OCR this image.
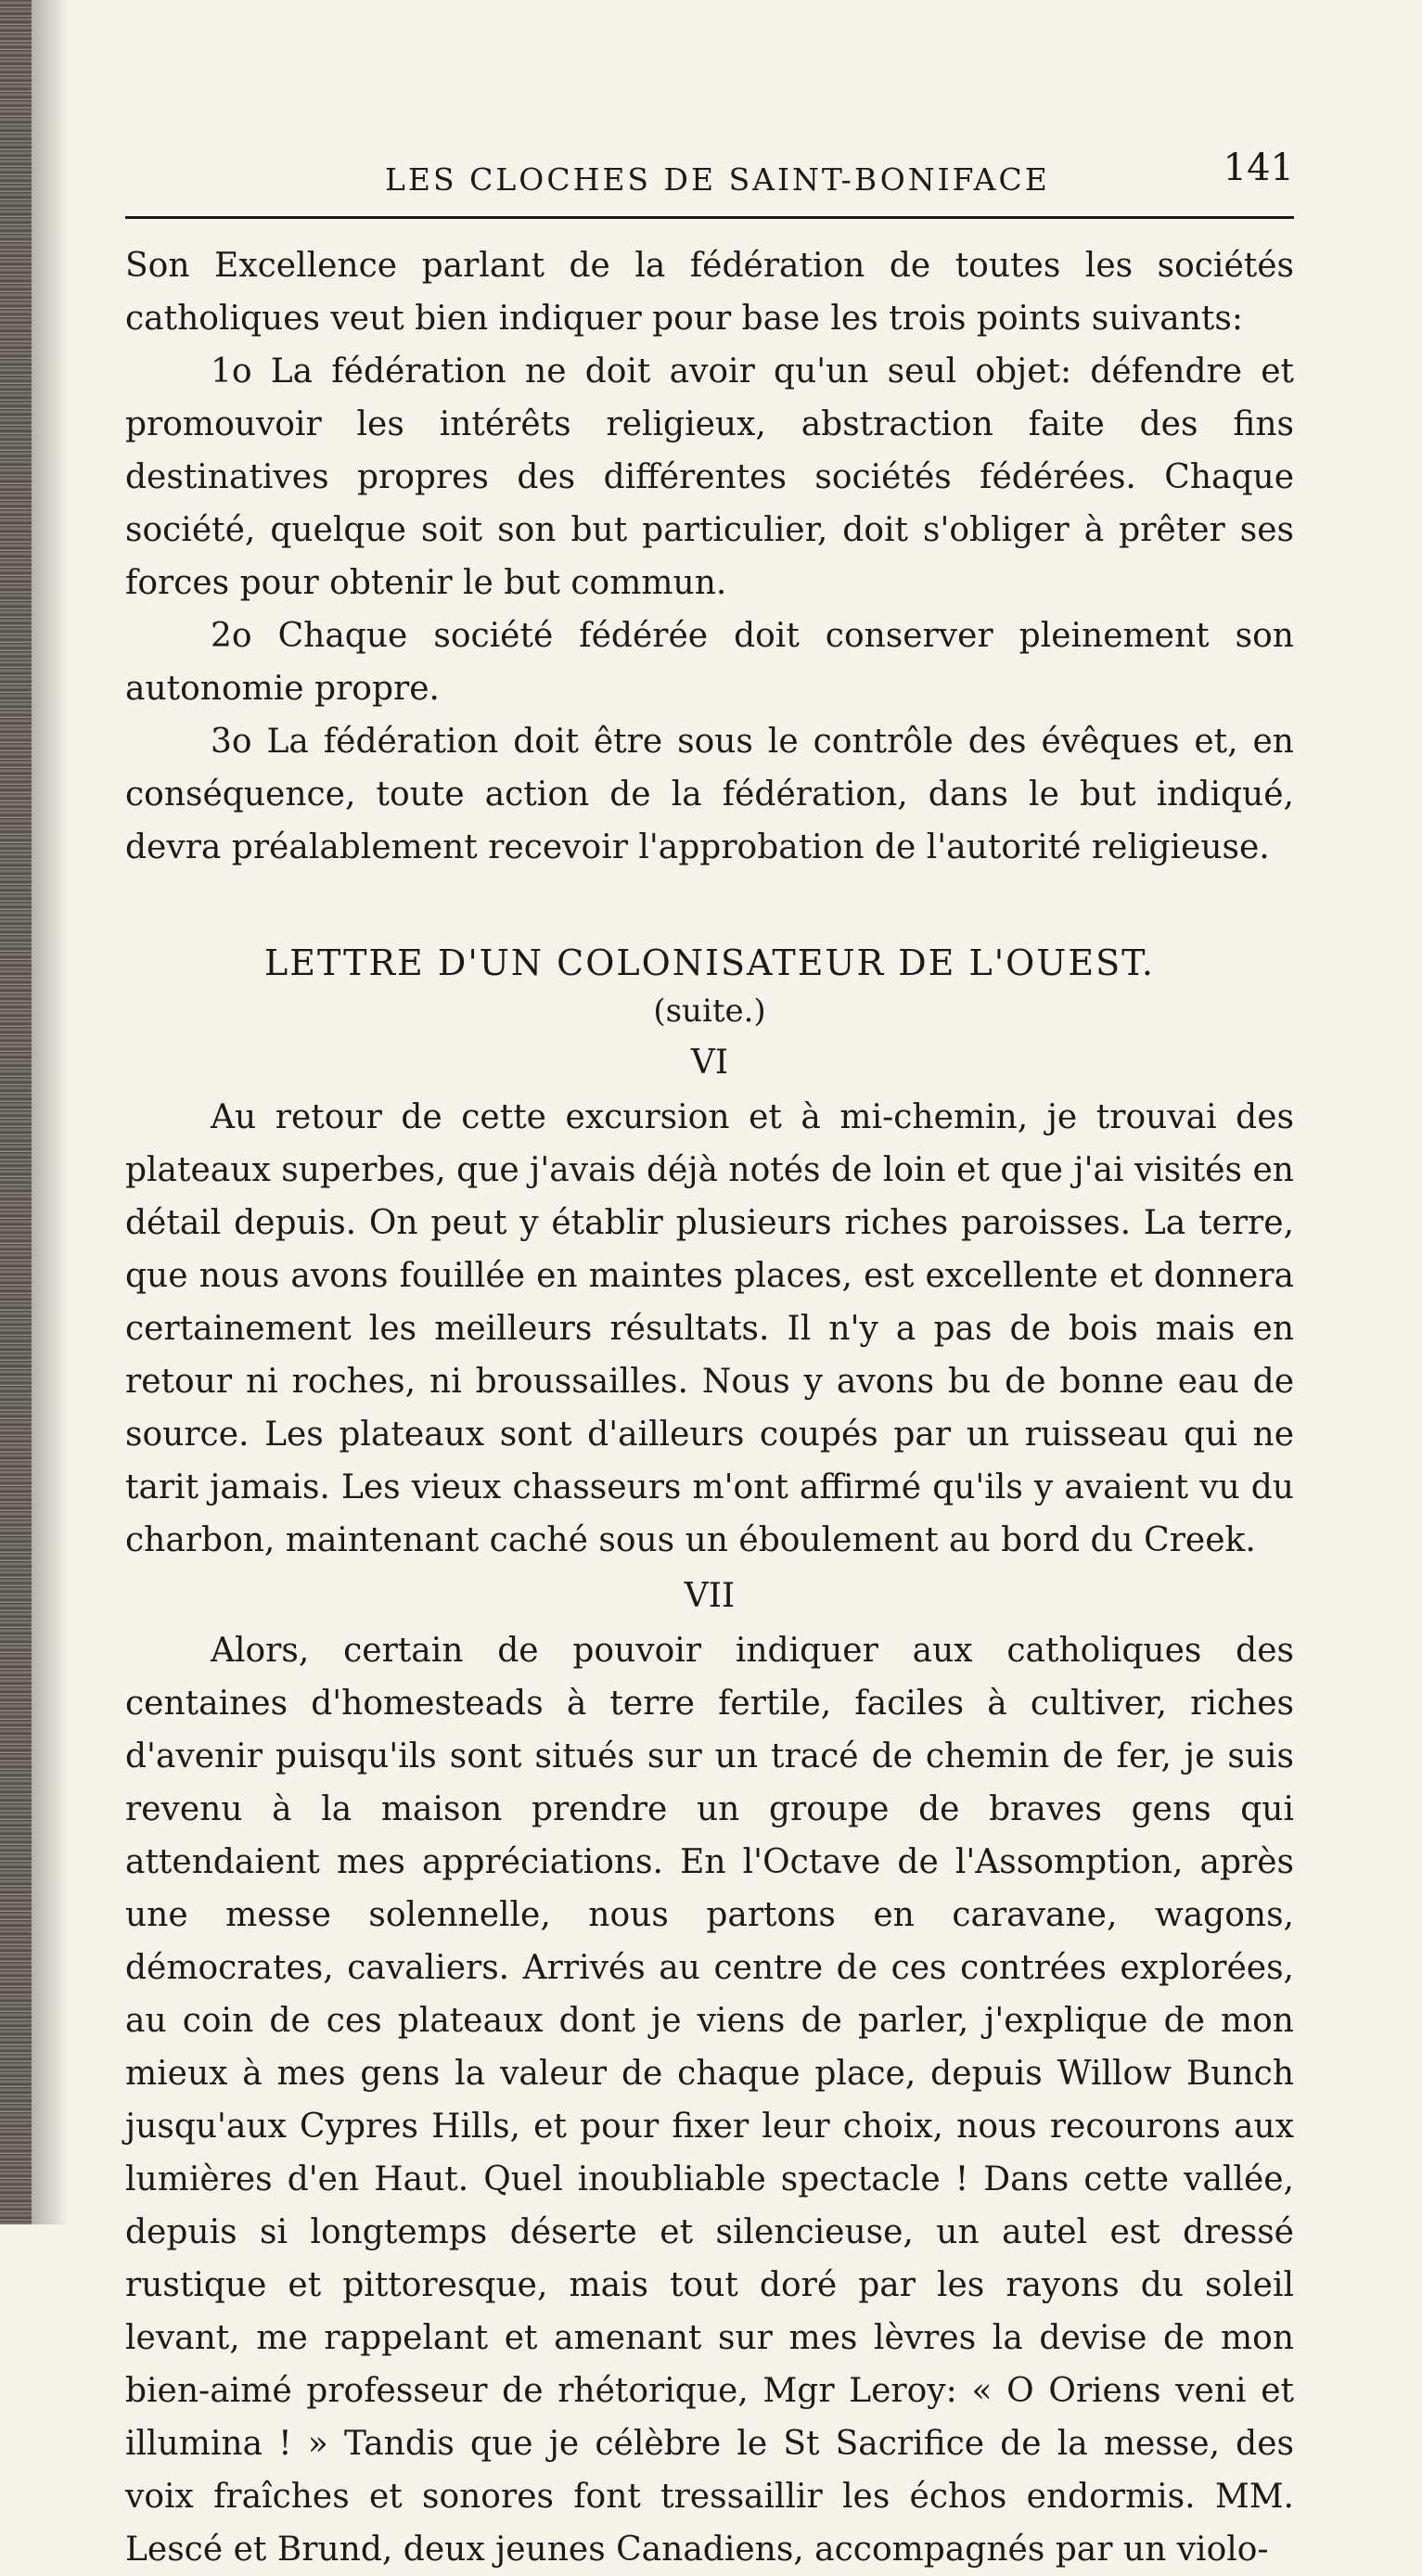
LES CLOCHES DE SAINT-BONIFACE	141

Son Excellence parlant de la fédération de toutes les sociétés catholiques veut bien indiquer pour base les trois points suivants:

1o La fédération ne doit avoir qu'un seul objet: défendre et promouvoir les intérêts religieux, abstraction faite des fins destinatives propres des différentes sociétés fédérées. Chaque société, quelque soit son but particulier, doit s'obliger à prêter ses forces pour obtenir le but commun.

2o Chaque société fédérée doit conserver pleinement son autonomie propre.

3o La fédération doit être sous le contrôle des évêques et, en conséquence, toute action de la fédération, dans le but indiqué, devra préalablement recevoir l'approbation de l'autorité religieuse.

LETTRE D'UN COLONISATEUR DE L'OUEST.
(suite.)
VI

Au retour de cette excursion et à mi-chemin, je trouvai des plateaux superbes, que j'avais déjà notés de loin et que j'ai visités en détail depuis. On peut y établir plusieurs riches paroisses. La terre, que nous avons fouillée en maintes places, est excellente et donnera certainement les meilleurs résultats. Il n'y a pas de bois mais en retour ni roches, ni broussailles. Nous y avons bu de bonne eau de source. Les plateaux sont d'ailleurs coupés par un ruisseau qui ne tarit jamais. Les vieux chasseurs m'ont affirmé qu'ils y avaient vu du charbon, maintenant caché sous un éboulement au bord du Creek.

VII

Alors, certain de pouvoir indiquer aux catholiques des centaines d'homesteads à terre fertile, faciles à cultiver, riches d'avenir puisqu'ils sont situés sur un tracé de chemin de fer, je suis revenu à la maison prendre un groupe de braves gens qui attendaient mes appréciations. En l'Octave de l'Assomption, après une messe solennelle, nous partons en caravane, wagons, démocrates, cavaliers. Arrivés au centre de ces contrées explorées, au coin de ces plateaux dont je viens de parler, j'explique de mon mieux à mes gens la valeur de chaque place, depuis Willow Bunch jusqu'aux Cypres Hills, et pour fixer leur choix, nous recourons aux lumières d'en Haut. Quel inoubliable spectacle ! Dans cette vallée, depuis si longtemps déserte et silencieuse, un autel est dressé rustique et pittoresque, mais tout doré par les rayons du soleil levant, me rappelant et amenant sur mes lèvres la devise de mon bien-aimé professeur de rhétorique, Mgr Leroy: « O Oriens veni et illumina ! » Tandis que je célèbre le St Sacrifice de la messe, des voix fraîches et sonores font tressaillir les échos endormis. MM. Lescé et Brund, deux jeunes Canadiens, accompagnés par un violo-
